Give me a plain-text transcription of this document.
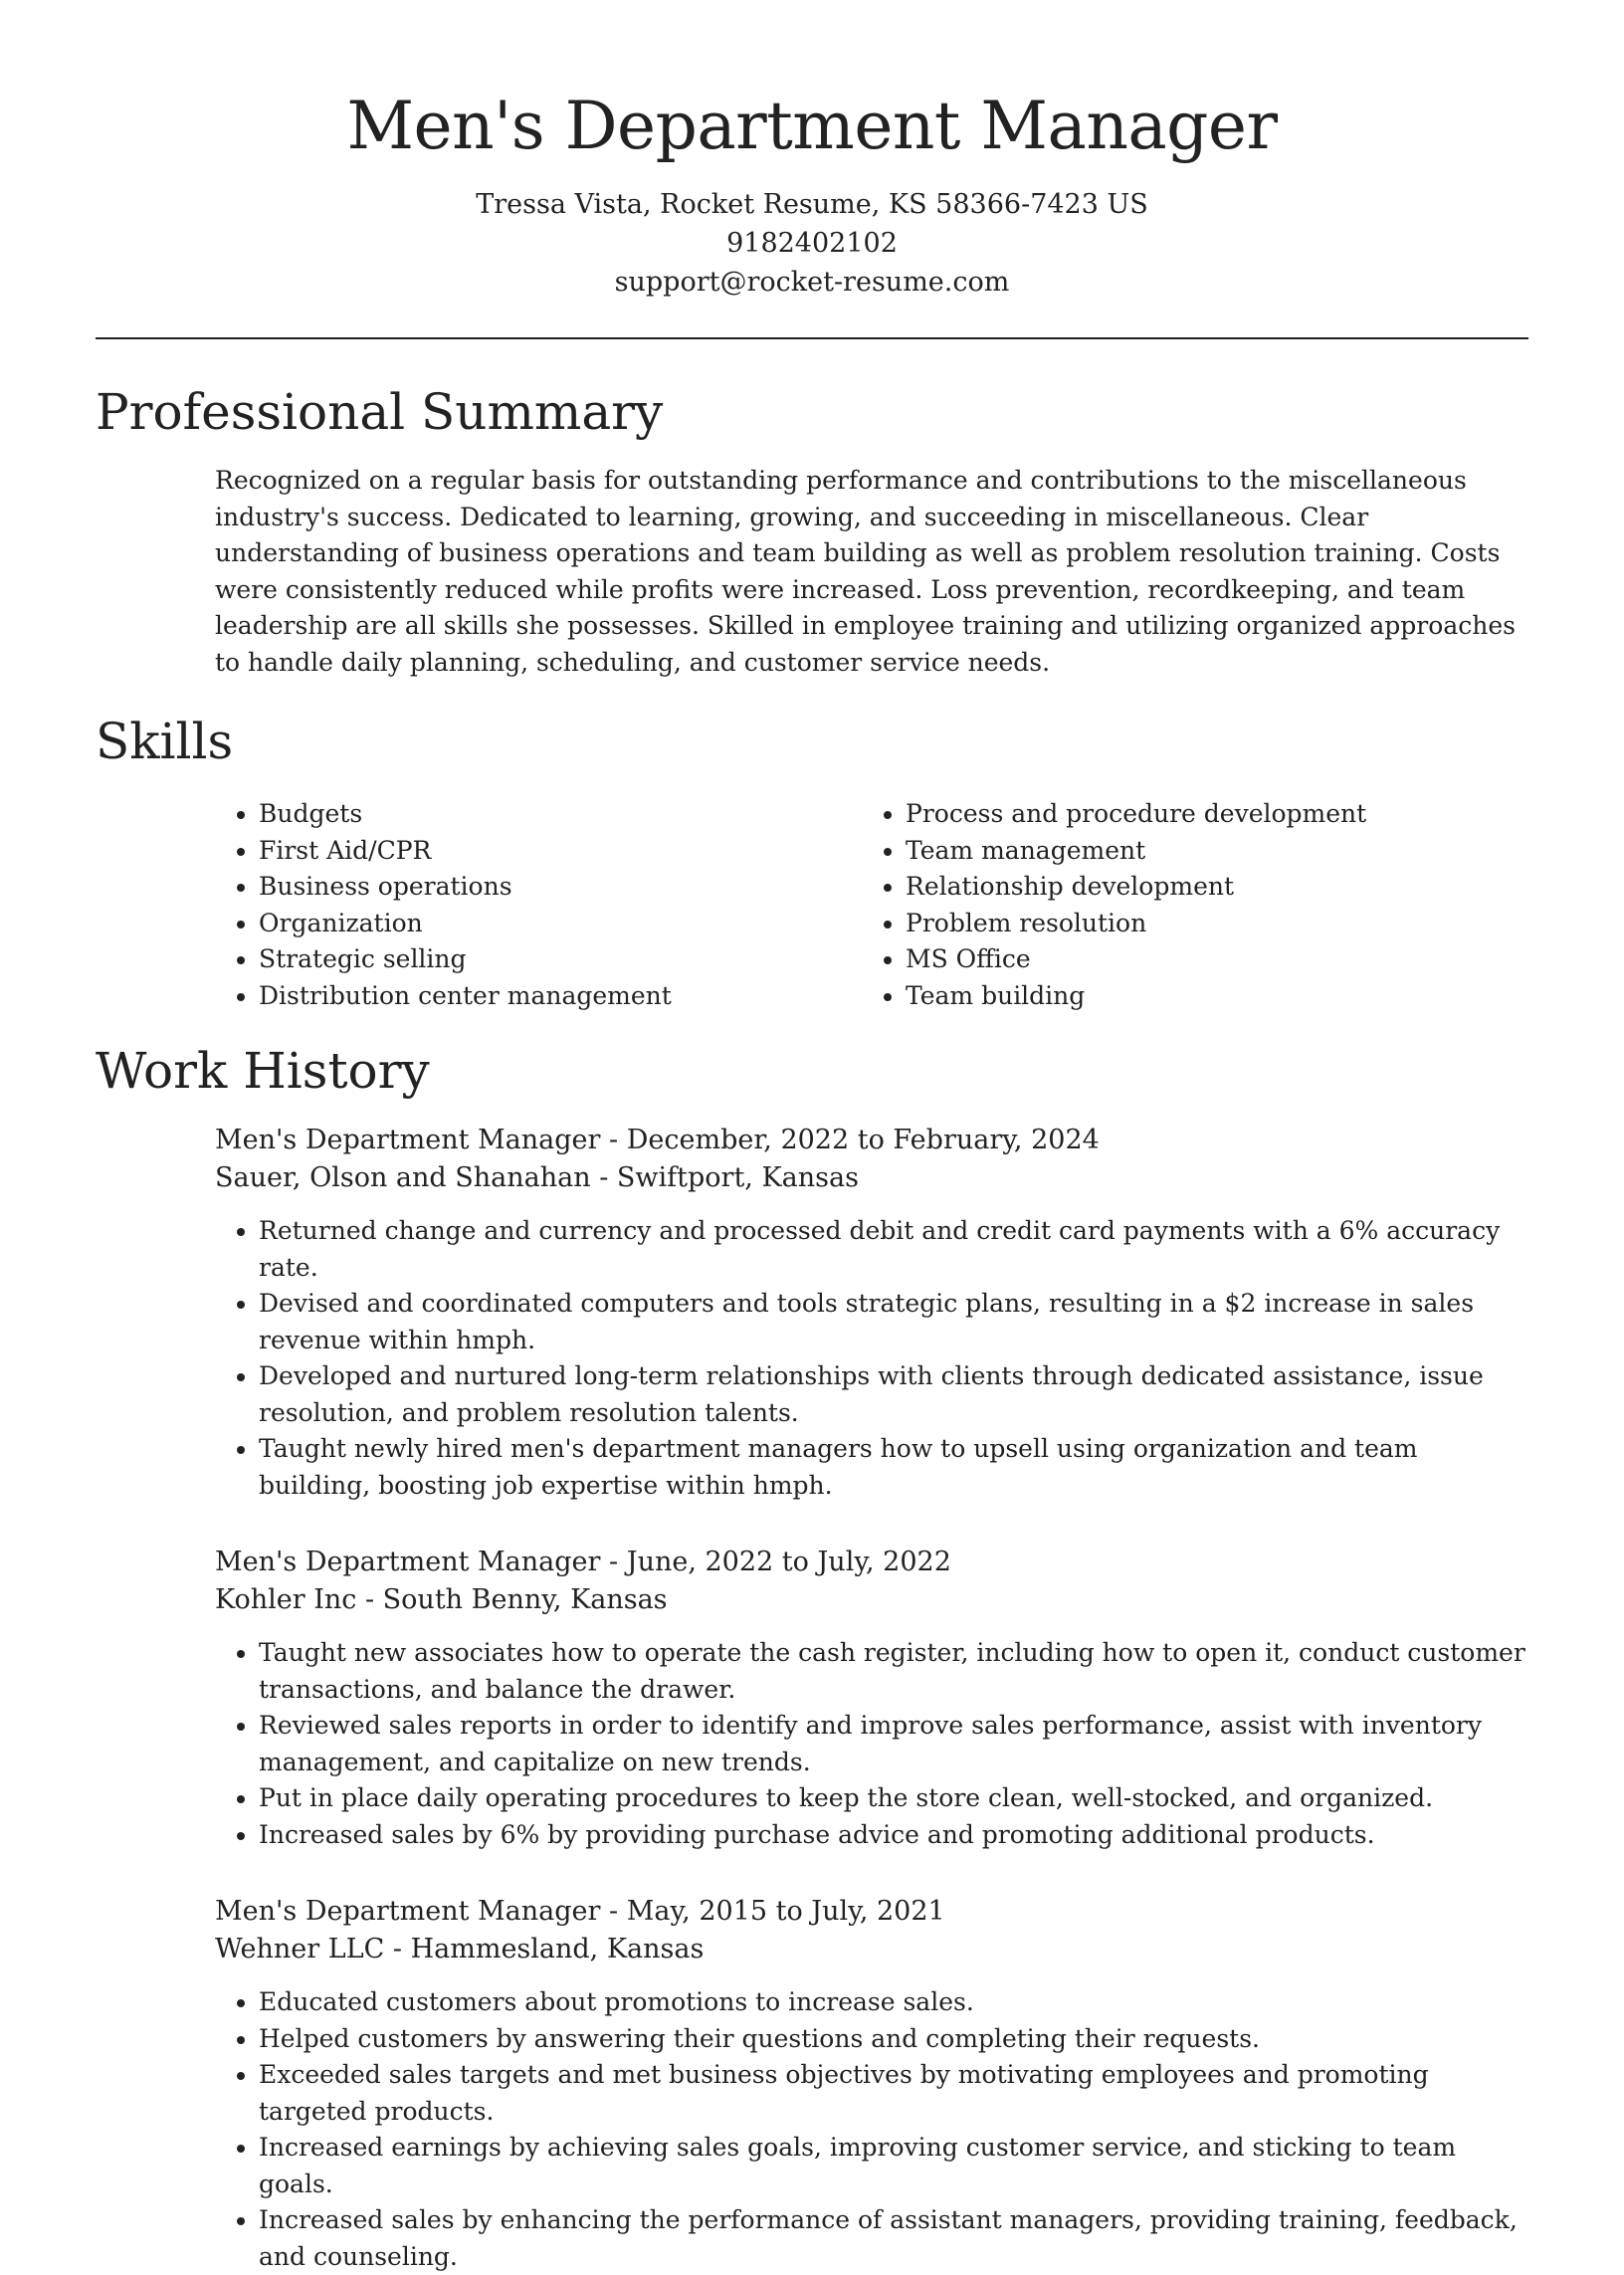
Men's Department Manager
Tressa Vista, Rocket Resume, KS 58366-7423 US
9182402102
support@rocket-resume.com
Professional Summary
Recognized on a regular basis for outstanding performance and contributions to the miscellaneous industry's success. Dedicated to learning, growing, and succeeding in miscellaneous. Clear understanding of business operations and team building as well as problem resolution training. Costs were consistently reduced while profits were increased. Loss prevention, recordkeeping, and team leadership are all skills she possesses. Skilled in employee training and utilizing organized approaches to handle daily planning, scheduling, and customer service needs.
Skills
• Budgets
• First Aid/CPR
• Business operations
• Organization
• Strategic selling
• Distribution center management
• Process and procedure development
• Team management
• Relationship development
• Problem resolution
• MS Office
• Team building
Work History
Men's Department Manager - December, 2022 to February, 2024
Sauer, Olson and Shanahan - Swiftport, Kansas
• Returned change and currency and processed debit and credit card payments with a 6% accuracy rate.
• Devised and coordinated computers and tools strategic plans, resulting in a $2 increase in sales revenue within hmph.
• Developed and nurtured long-term relationships with clients through dedicated assistance, issue resolution, and problem resolution talents.
• Taught newly hired men's department managers how to upsell using organization and team building, boosting job expertise within hmph.
Men's Department Manager - June, 2022 to July, 2022
Kohler Inc - South Benny, Kansas
• Taught new associates how to operate the cash register, including how to open it, conduct customer transactions, and balance the drawer.
• Reviewed sales reports in order to identify and improve sales performance, assist with inventory management, and capitalize on new trends.
• Put in place daily operating procedures to keep the store clean, well-stocked, and organized.
• Increased sales by 6% by providing purchase advice and promoting additional products.
Men's Department Manager - May, 2015 to July, 2021
Wehner LLC - Hammesland, Kansas
• Educated customers about promotions to increase sales.
• Helped customers by answering their questions and completing their requests.
• Exceeded sales targets and met business objectives by motivating employees and promoting targeted products.
• Increased earnings by achieving sales goals, improving customer service, and sticking to team goals.
• Increased sales by enhancing the performance of assistant managers, providing training, feedback, and counseling.
